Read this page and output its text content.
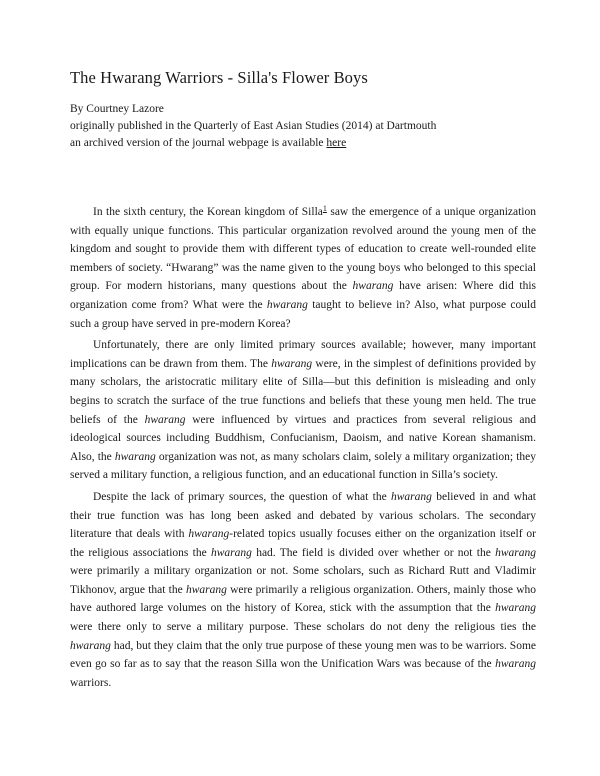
The Hwarang Warriors - Silla's Flower Boys
By Courtney Lazore
originally published in the Quarterly of East Asian Studies (2014) at Dartmouth
an archived version of the journal webpage is available here

In the sixth century, the Korean kingdom of Silla$^1$ saw the emergence of a unique organization with equally unique functions. This particular organization revolved around the young men of the kingdom and sought to provide them with different types of education to create well-rounded elite members of society. “Hwarang” was the name given to the young boys who belonged to this special group. For modern historians, many questions about the hwarang have arisen: Where did this organization come from? What were the hwarang taught to believe in? Also, what purpose could such a group have served in pre-modern Korea?

Unfortunately, there are only limited primary sources available; however, many important implications can be drawn from them. The hwarang were, in the simplest of definitions provided by many scholars, the aristocratic military elite of Silla—but this definition is misleading and only begins to scratch the surface of the true functions and beliefs that these young men held. The true beliefs of the hwarang were influenced by virtues and practices from several religious and ideological sources including Buddhism, Confucianism, Daoism, and native Korean shamanism. Also, the hwarang organization was not, as many scholars claim, solely a military organization; they served a military function, a religious function, and an educational function in Silla’s society.

Despite the lack of primary sources, the question of what the hwarang believed in and what their true function was has long been asked and debated by various scholars. The secondary literature that deals with hwarang-related topics usually focuses either on the organization itself or the religious associations the hwarang had. The field is divided over whether or not the hwarang were primarily a military organization or not. Some scholars, such as Richard Rutt and Vladimir Tikhonov, argue that the hwarang were primarily a religious organization. Others, mainly those who have authored large volumes on the history of Korea, stick with the assumption that the hwarang were there only to serve a military purpose. These scholars do not deny the religious ties the hwarang had, but they claim that the only true purpose of these young men was to be warriors. Some even go so far as to say that the reason Silla won the Unification Wars was because of the hwarang warriors.
